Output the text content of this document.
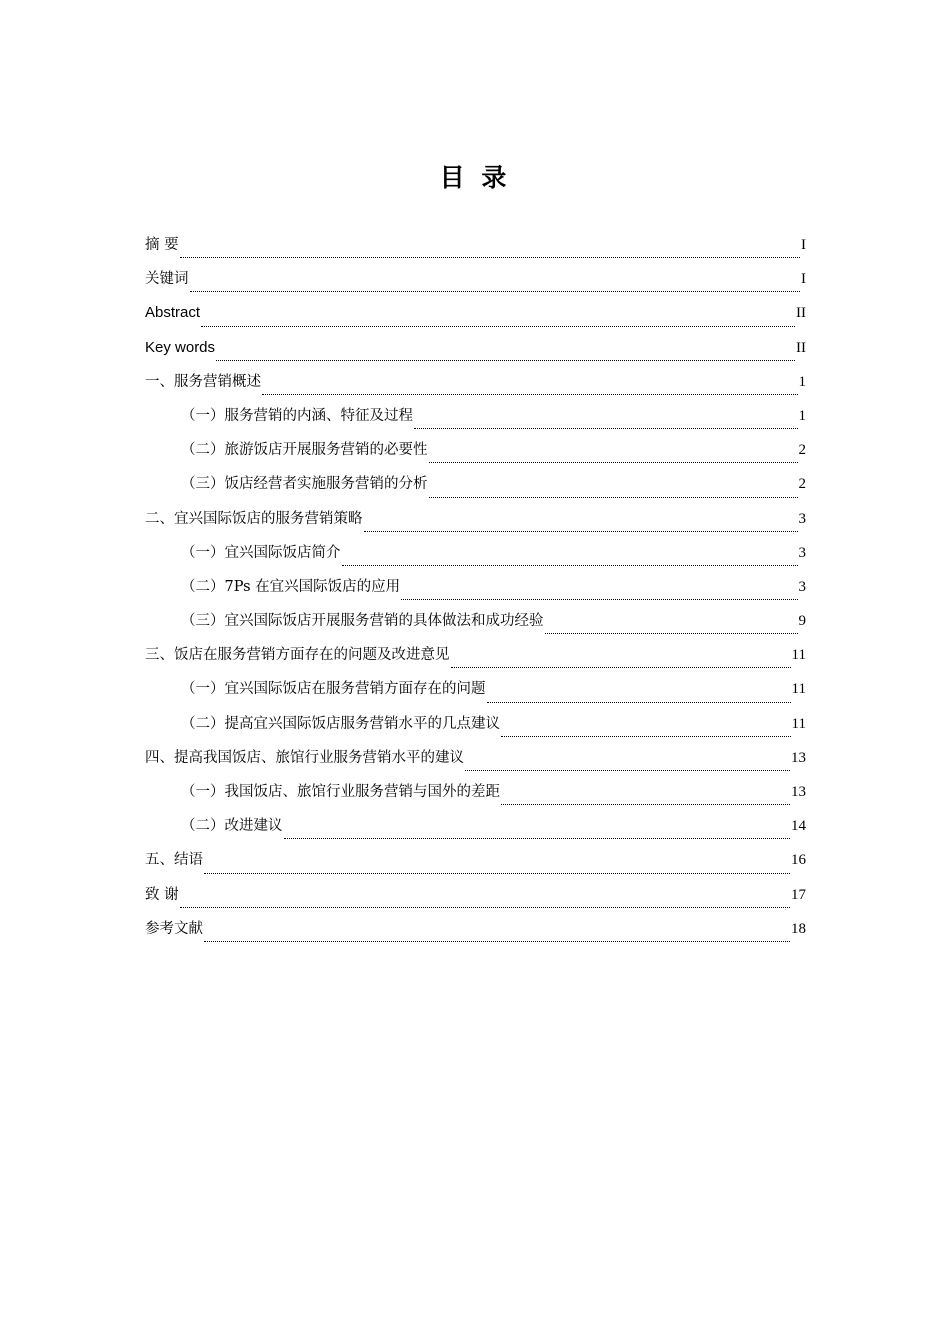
目 录
摘 要	I
关键词	I
Abstract	II
Key words	II
一、服务营销概述	1
（一）服务营销的内涵、特征及过程	1
（二）旅游饭店开展服务营销的必要性	2
（三）饭店经营者实施服务营销的分析	2
二、宜兴国际饭店的服务营销策略	3
（一）宜兴国际饭店简介	3
（二）7Ps 在宜兴国际饭店的应用	3
（三）宜兴国际饭店开展服务营销的具体做法和成功经验	9
三、饭店在服务营销方面存在的问题及改进意见	11
（一）宜兴国际饭店在服务营销方面存在的问题	11
（二）提高宜兴国际饭店服务营销水平的几点建议	11
四、提高我国饭店、旅馆行业服务营销水平的建议	13
（一）我国饭店、旅馆行业服务营销与国外的差距	13
（二）改进建议	14
五、结语	16
致 谢	17
参考文献	18
